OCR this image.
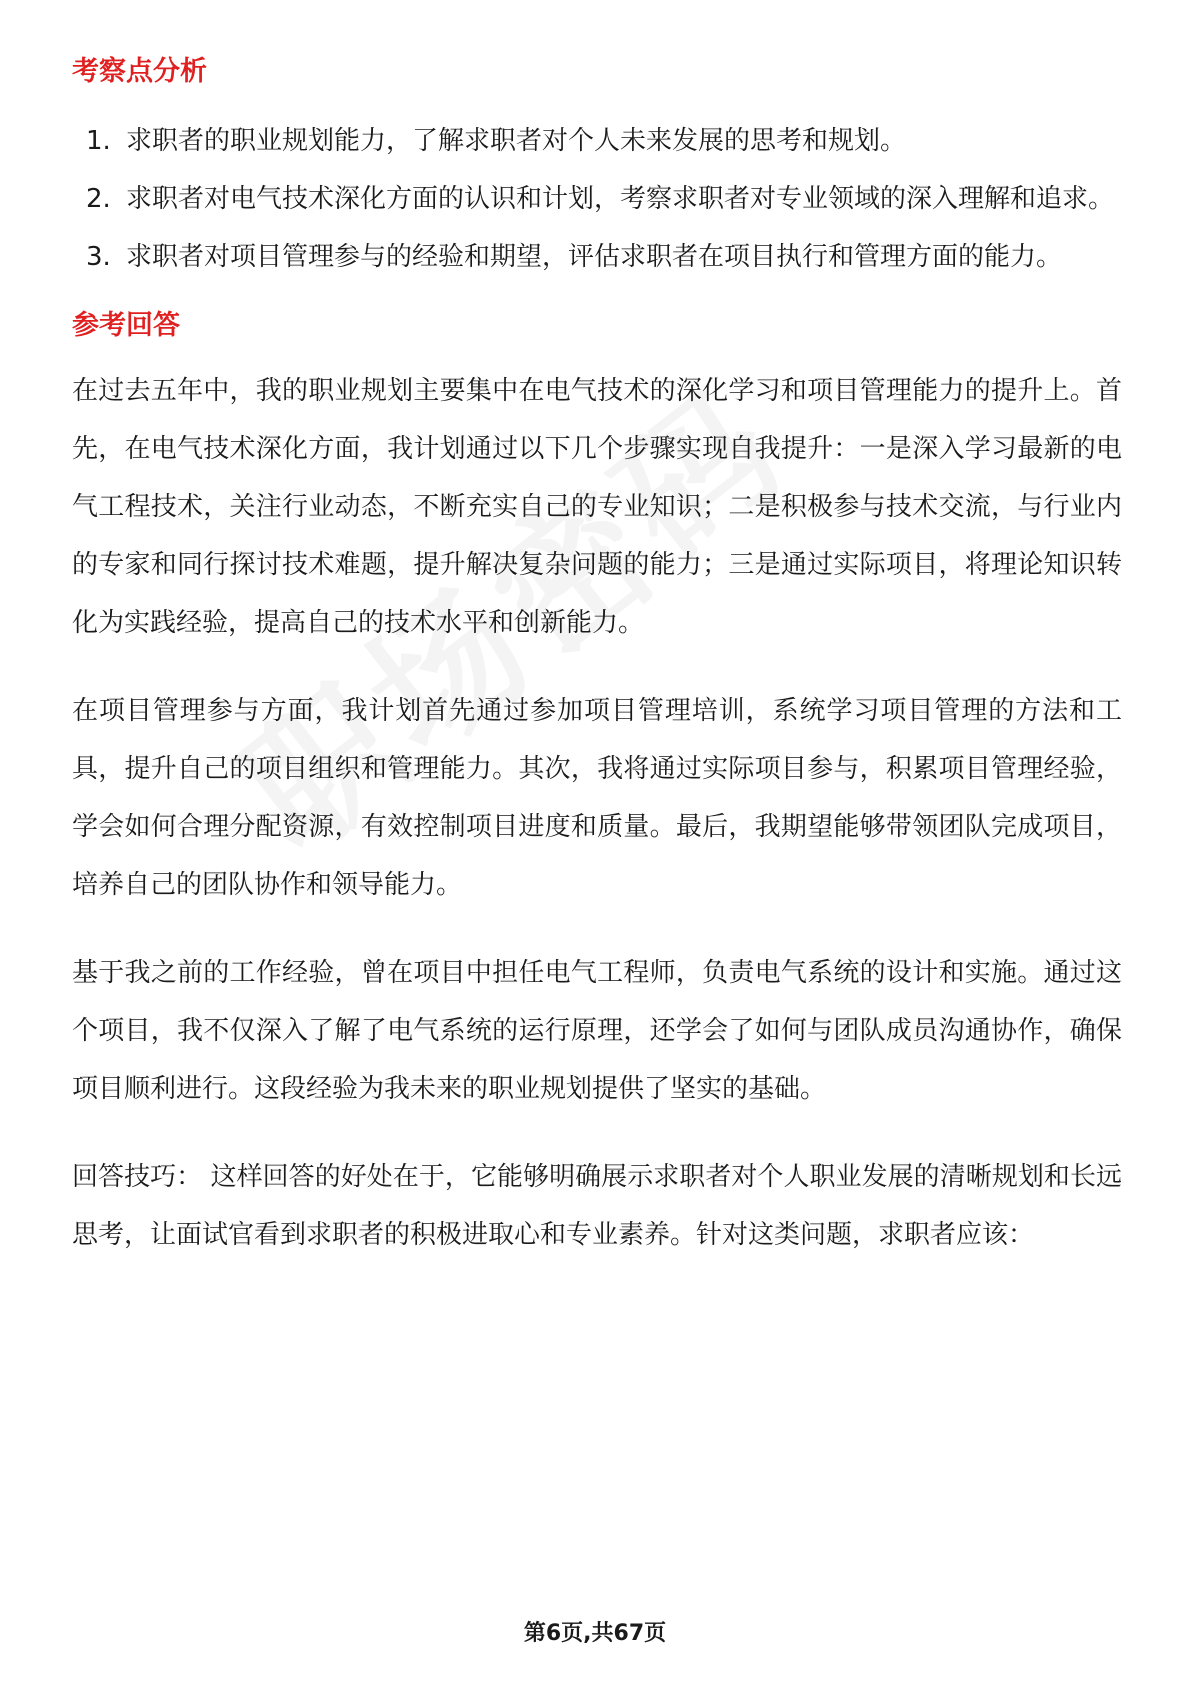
考察点分析
1. 求职者的职业规划能力，了解求职者对个人未来发展的思考和规划。
2. 求职者对电气技术深化方面的认识和计划，考察求职者对专业领域的深入理解和追求。
3. 求职者对项目管理参与的经验和期望，评估求职者在项目执行和管理方面的能力。
参考回答

在过去五年中，我的职业规划主要集中在电气技术的深化学习和项目管理能力的提升上。首先，在电气技术深化方面，我计划通过以下几个步骤实现自我提升：一是深入学习最新的电气工程技术，关注行业动态，不断充实自己的专业知识；二是积极参与技术交流，与行业内的专家和同行探讨技术难题，提升解决复杂问题的能力；三是通过实际项目，将理论知识转化为实践经验，提高自己的技术水平和创新能力。

在项目管理参与方面，我计划首先通过参加项目管理培训，系统学习项目管理的方法和工具，提升自己的项目组织和管理能力。其次，我将通过实际项目参与，积累项目管理经验，学会如何合理分配资源，有效控制项目进度和质量。最后，我期望能够带领团队完成项目，培养自己的团队协作和领导能力。

基于我之前的工作经验，曾在项目中担任电气工程师，负责电气系统的设计和实施。通过这个项目，我不仅深入了解了电气系统的运行原理，还学会了如何与团队成员沟通协作，确保项目顺利进行。这段经验为我未来的职业规划提供了坚实的基础。

回答技巧： 这样回答的好处在于，它能够明确展示求职者对个人职业发展的清晰规划和长远思考，让面试官看到求职者的积极进取心和专业素养。针对这类问题，求职者应该：

第6页,共67页
